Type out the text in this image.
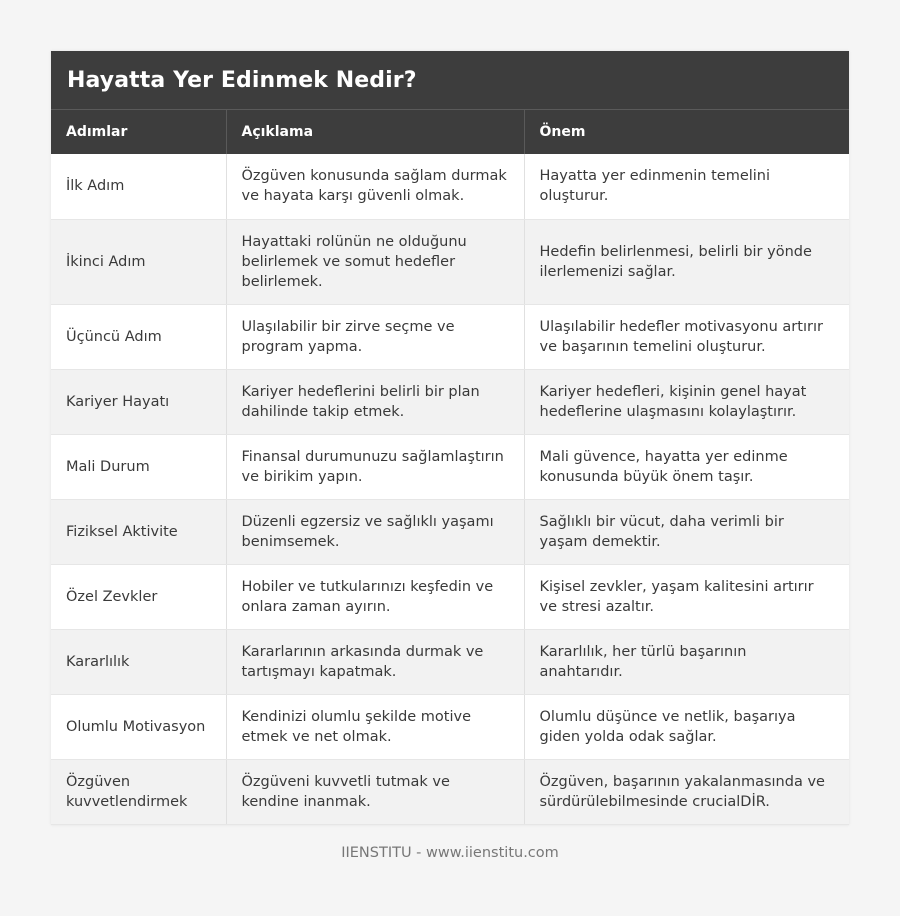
Hayatta Yer Edinmek Nedir?
Adımlar	Açıklama	Önem
İlk Adım	Özgüven konusunda sağlam durmak ve hayata karşı güvenli olmak.	Hayatta yer edinmenin temelini oluşturur.
İkinci Adım	Hayattaki rolünün ne olduğunu belirlemek ve somut hedefler belirlemek.	Hedefin belirlenmesi, belirli bir yönde ilerlemenizi sağlar.
Üçüncü Adım	Ulaşılabilir bir zirve seçme ve program yapma.	Ulaşılabilir hedefler motivasyonu artırır ve başarının temelini oluşturur.
Kariyer Hayatı	Kariyer hedeflerini belirli bir plan dahilinde takip etmek.	Kariyer hedefleri, kişinin genel hayat hedeflerine ulaşmasını kolaylaştırır.
Mali Durum	Finansal durumunuzu sağlamlaştırın ve birikim yapın.	Mali güvence, hayatta yer edinme konusunda büyük önem taşır.
Fiziksel Aktivite	Düzenli egzersiz ve sağlıklı yaşamı benimsemek.	Sağlıklı bir vücut, daha verimli bir yaşam demektir.
Özel Zevkler	Hobiler ve tutkularınızı keşfedin ve onlara zaman ayırın.	Kişisel zevkler, yaşam kalitesini artırır ve stresi azaltır.
Kararlılık	Kararlarının arkasında durmak ve tartışmayı kapatmak.	Kararlılık, her türlü başarının anahtarıdır.
Olumlu Motivasyon	Kendinizi olumlu şekilde motive etmek ve net olmak.	Olumlu düşünce ve netlik, başarıya giden yolda odak sağlar.
Özgüven kuvvetlendirmek	Özgüveni kuvvetli tutmak ve kendine inanmak.	Özgüven, başarının yakalanmasında ve sürdürülebilmesinde crucialDİR.
IIENSTITU - www.iienstitu.com
